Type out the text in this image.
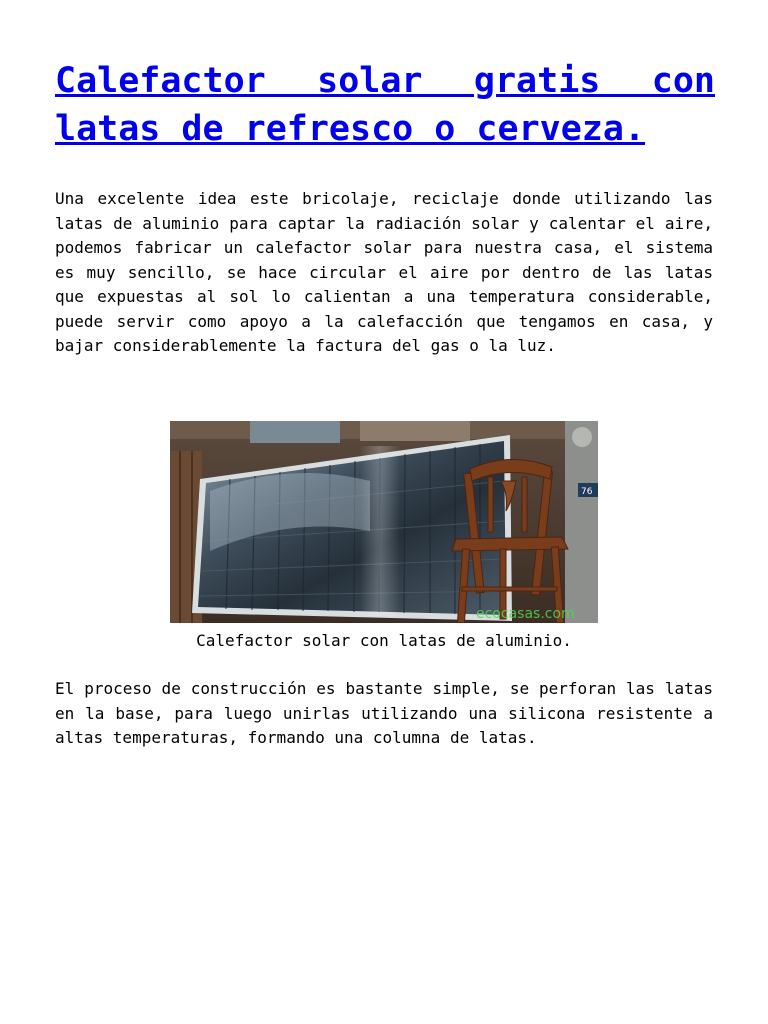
Calefactor solar gratis con latas de refresco o cerveza.

Una excelente idea este bricolaje, reciclaje donde utilizando las latas de aluminio para captar la radiación solar y calentar el aire, podemos fabricar un calefactor solar para nuestra casa, el sistema es muy sencillo, se hace circular el aire por dentro de las latas que expuestas al sol lo calientan a una temperatura considerable, puede servir como apoyo a la calefacción que tengamos en casa, y bajar considerablemente la factura del gas o la luz.

76
ecocasas.com
Calefactor solar con latas de aluminio.

El proceso de construcción es bastante simple, se perforan las latas en la base, para luego unirlas utilizando una silicona resistente a altas temperaturas, formando una columna de latas.
